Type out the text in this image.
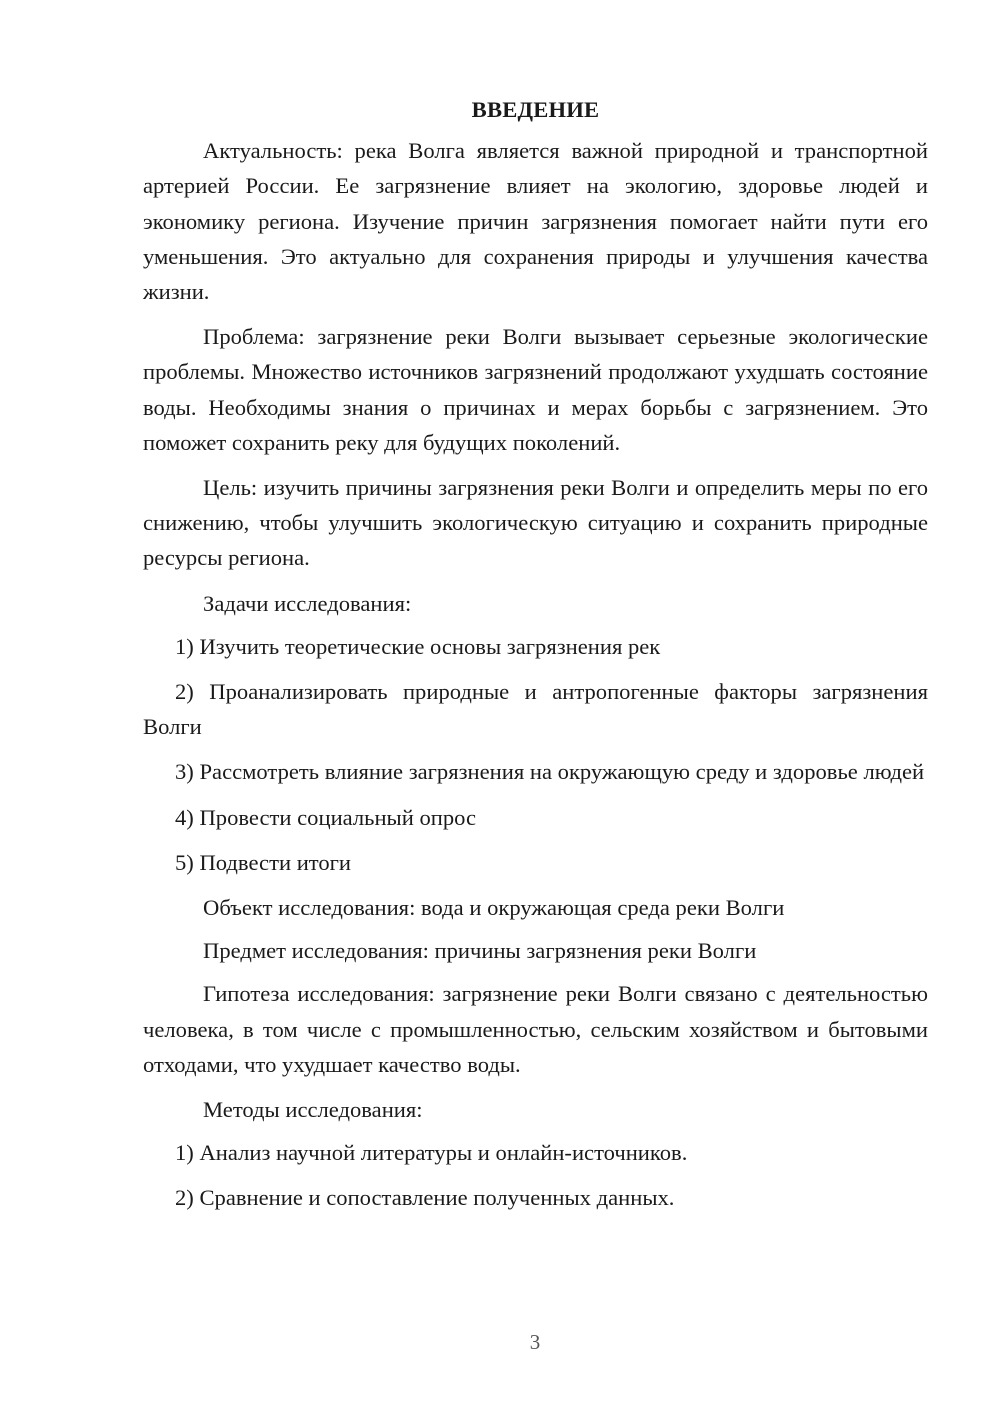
ВВЕДЕНИЕ

Актуальность: река Волга является важной природной и транспортной артерией России. Ее загрязнение влияет на экологию, здоровье людей и экономику региона. Изучение причин загрязнения помогает найти пути его уменьшения. Это актуально для сохранения природы и улучшения качества жизни.

Проблема: загрязнение реки Волги вызывает серьезные экологические проблемы. Множество источников загрязнений продолжают ухудшать состояние воды. Необходимы знания о причинах и мерах борьбы с загрязнением. Это поможет сохранить реку для будущих поколений.

Цель: изучить причины загрязнения реки Волги и определить меры по его снижению, чтобы улучшить экологическую ситуацию и сохранить природные ресурсы региона.

Задачи исследования:

1) Изучить теоретические основы загрязнения рек

2) Проанализировать природные и антропогенные факторы загрязнения Волги

3) Рассмотреть влияние загрязнения на окружающую среду и здоровье людей

4) Провести социальный опрос

5) Подвести итоги

Объект исследования: вода и окружающая среда реки Волги

Предмет исследования: причины загрязнения реки Волги

Гипотеза исследования: загрязнение реки Волги связано с деятельностью человека, в том числе с промышленностью, сельским хозяйством и бытовыми отходами, что ухудшает качество воды.

Методы исследования:

1) Анализ научной литературы и онлайн-источников.

2) Сравнение и сопоставление полученных данных.

3
